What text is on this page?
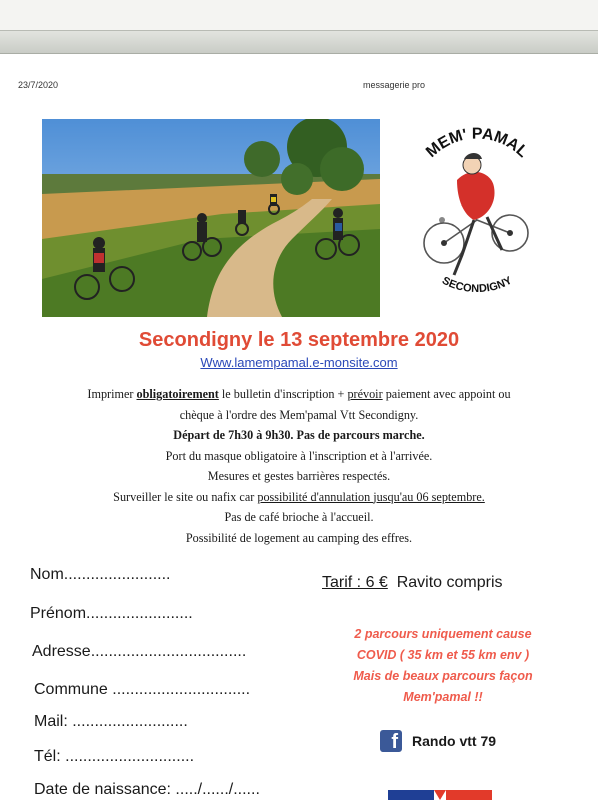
23/7/2020	messagerie pro
MEM' PAMAL
SECONDIGNY
Secondigny le 13 septembre 2020
Www.lamempamal.e-monsite.com
Imprimer obligatoirement le bulletin d'inscription + prévoir paiement avec appoint ou
chèque à l'ordre des Mem'pamal Vtt Secondigny.
Départ de 7h30 à 9h30. Pas de parcours marche.
Port du masque obligatoire à l'inscription et à l'arrivée.
Mesures et gestes barrières respectés.
Surveiller le site ou nafix car possibilité d'annulation jusqu'au 06 septembre.
Pas de café brioche à l'accueil.
Possibilité de logement au camping des effres.
Nom........................
Prénom........................
Adresse...................................
Commune ...............................
Mail: ..........................
Tél: .............................
Date de naissance: ...../....../......
Tarif : 6 € Ravito compris
2 parcours uniquement cause
COVID ( 35 km et 55 km env )
Mais de beaux parcours façon
Mem'pamal !!
f Rando vtt 79
